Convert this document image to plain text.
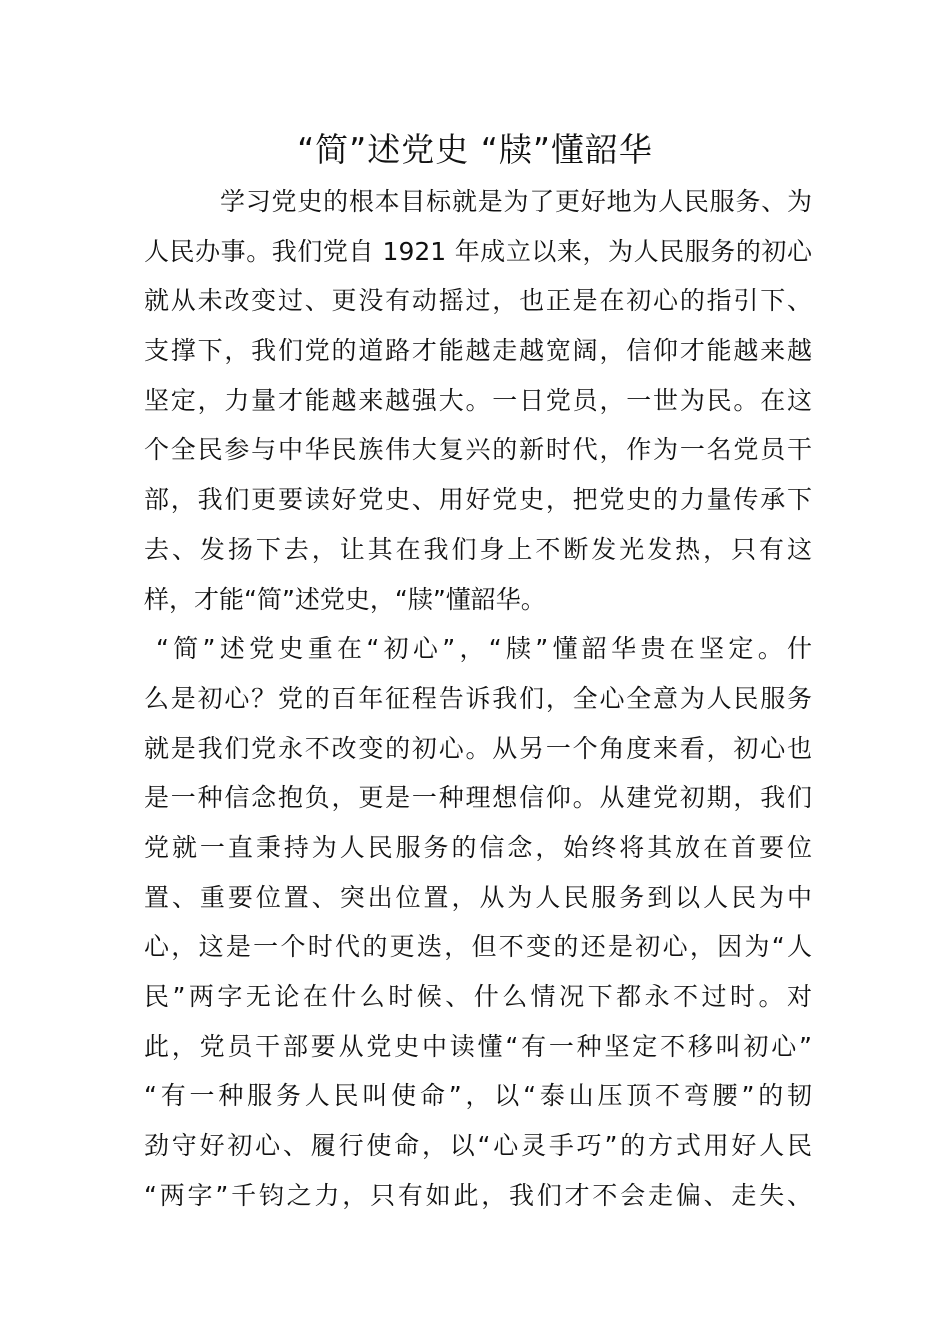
“简”述党史 “牍”懂韶华
学习党史的根本目标就是为了更好地为人民服务、为
人民办事。我们党自 1921 年成立以来，为人民服务的初心
就从未改变过、更没有动摇过，也正是在初心的指引下、
支撑下，我们党的道路才能越走越宽阔，信仰才能越来越
坚定，力量才能越来越强大。一日党员，一世为民。在这
个全民参与中华民族伟大复兴的新时代，作为一名党员干
部，我们更要读好党史、用好党史，把党史的力量传承下
去、发扬下去，让其在我们身上不断发光发热，只有这
样，才能“简”述党史，“牍”懂韶华。
“简”述党史重在“初心”，“牍”懂韶华贵在坚定。什
么是初心？党的百年征程告诉我们，全心全意为人民服务
就是我们党永不改变的初心。从另一个角度来看，初心也
是一种信念抱负，更是一种理想信仰。从建党初期，我们
党就一直秉持为人民服务的信念，始终将其放在首要位
置、重要位置、突出位置，从为人民服务到以人民为中
心，这是一个时代的更迭，但不变的还是初心，因为“人
民”两字无论在什么时候、什么情况下都永不过时。对
此，党员干部要从党史中读懂“有一种坚定不移叫初心”
“有一种服务人民叫使命”，以“泰山压顶不弯腰”的韧
劲守好初心、履行使命，以“心灵手巧”的方式用好人民
“两字”千钧之力，只有如此，我们才不会走偏、走失、
